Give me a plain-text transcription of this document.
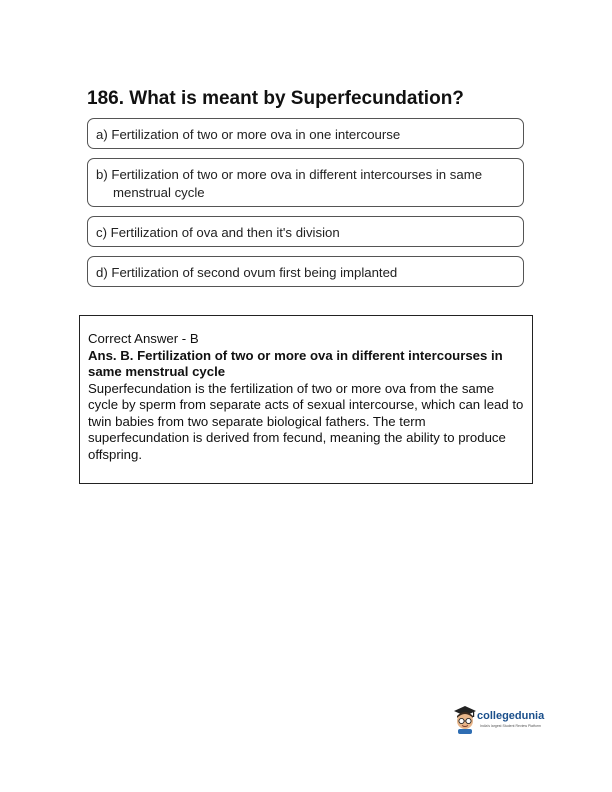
186. What is meant by Superfecundation?
a) Fertilization of two or more ova in one intercourse
b) Fertilization of two or more ova in different intercourses in same menstrual cycle
c) Fertilization of ova and then it's division
d) Fertilization of second ovum first being implanted
Correct Answer - B
Ans. B. Fertilization of two or more ova in different intercourses in same menstrual cycle
Superfecundation is the fertilization of two or more ova from the same cycle by sperm from separate acts of sexual intercourse, which can lead to twin babies from two separate biological fathers. The term superfecundation is derived from fecund, meaning the ability to produce offspring.
collegedunia
India's largest Student Review Platform
